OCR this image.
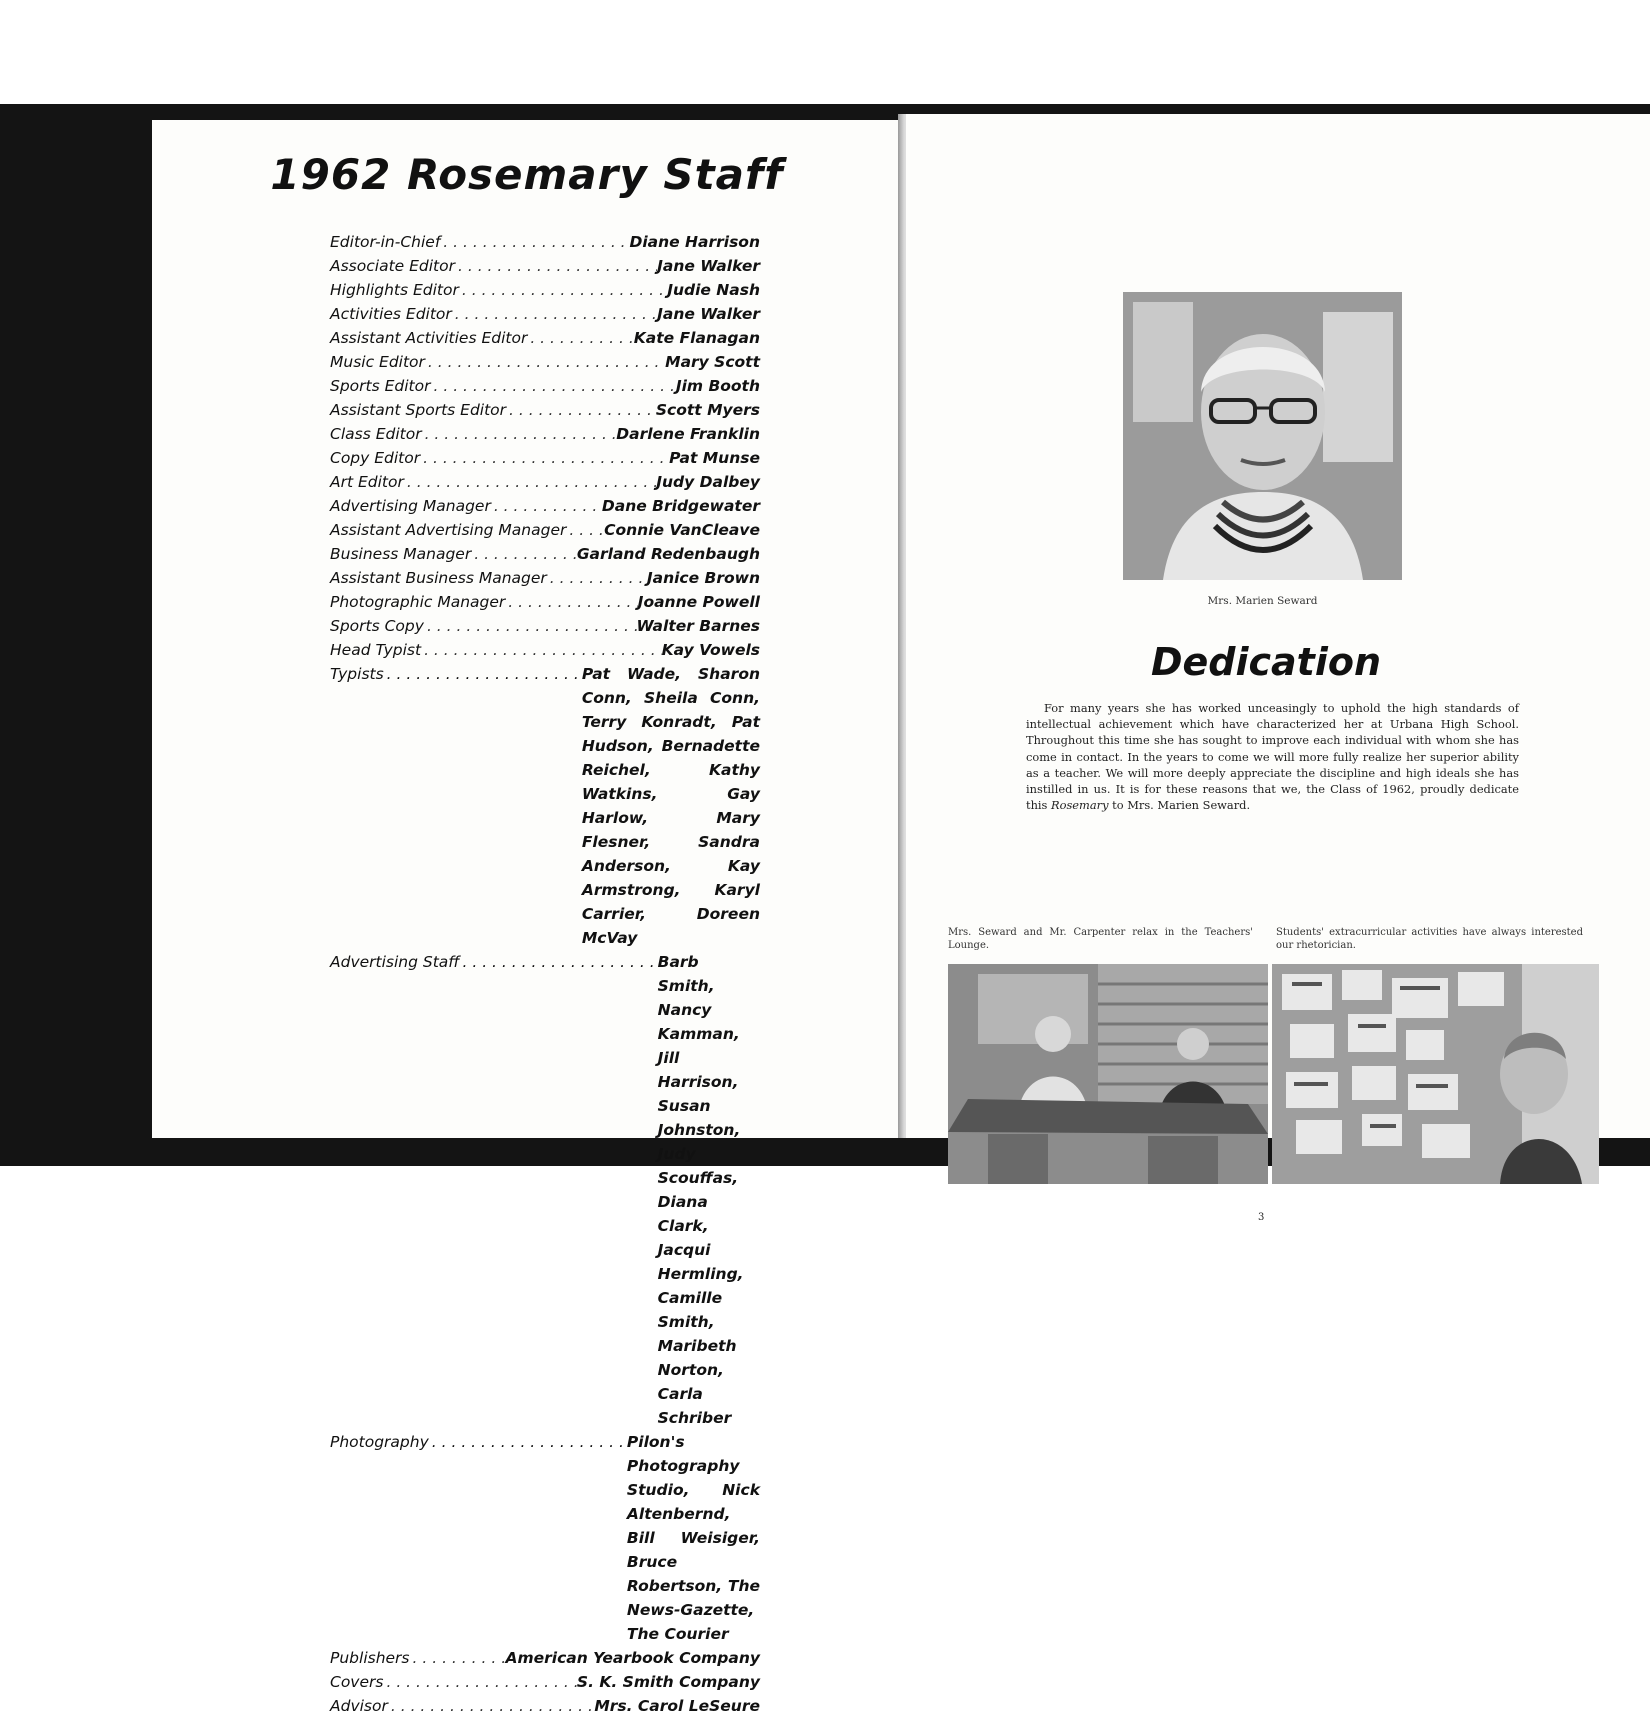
1962 Rosemary Staff
Editor-in-Chief . . .	Diane Harrison
Associate Editor . . .	Jane Walker
Highlights Editor . . .	Judie Nash
Activities Editor . . .	Jane Walker
Assistant Activities Editor . . .	Kate Flanagan
Music Editor . . .	Mary Scott
Sports Editor . . .	Jim Booth
Assistant Sports Editor . . .	Scott Myers
Class Editor . . .	Darlene Franklin
Copy Editor . . .	Pat Munse
Art Editor . . .	Judy Dalbey
Advertising Manager . . .	Dane Bridgewater
Assistant Advertising Manager . . . Connie VanCleave
Business Manager . . .	Garland Redenbaugh
Assistant Business Manager . . .	Janice Brown
Photographic Manager . . .	Joanne Powell
Sports Copy . . .	Walter Barnes
Head Typist . . .	Kay Vowels
Typists . . .	Pat Wade, Sharon Conn, Sheila Conn, Terry Konradt, Pat Hudson, Bernadette Reichel, Kathy Watkins, Gay Harlow, Mary Flesner, Sandra Anderson, Kay Armstrong, Karyl Carrier, Doreen McVay
Advertising Staff . . .	Barb Smith, Nancy Kamman, Jill Harrison, Susan Johnston, Judy Scouffas, Diana Clark, Jacqui Hermling, Camille Smith, Maribeth Norton, Carla Schriber
Photography . . .	Pilon's Photography Studio, Nick Altenbernd, Bill Weisiger, Bruce Robertson, The News-Gazette, The Courier
Publishers . . .	American Yearbook Company
Covers . . .	S. K. Smith Company
Advisor . . .	Mrs. Carol LeSeure

Mrs. Marien Seward

Dedication

For many years she has worked unceasingly to uphold the high standards of intellectual achievement which have characterized her at Urbana High School. Throughout this time she has sought to improve each individual with whom she has come in contact. In the years to come we will more fully realize her superior ability as a teacher. We will more deeply appreciate the discipline and high ideals she has instilled in us. It is for these reasons that we, the Class of 1962, proudly dedicate this Rosemary to Mrs. Marien Seward.

Mrs. Seward and Mr. Carpenter relax in the Teachers' Lounge.

Students' extracurricular activities have always interested our rhetorician.

3
